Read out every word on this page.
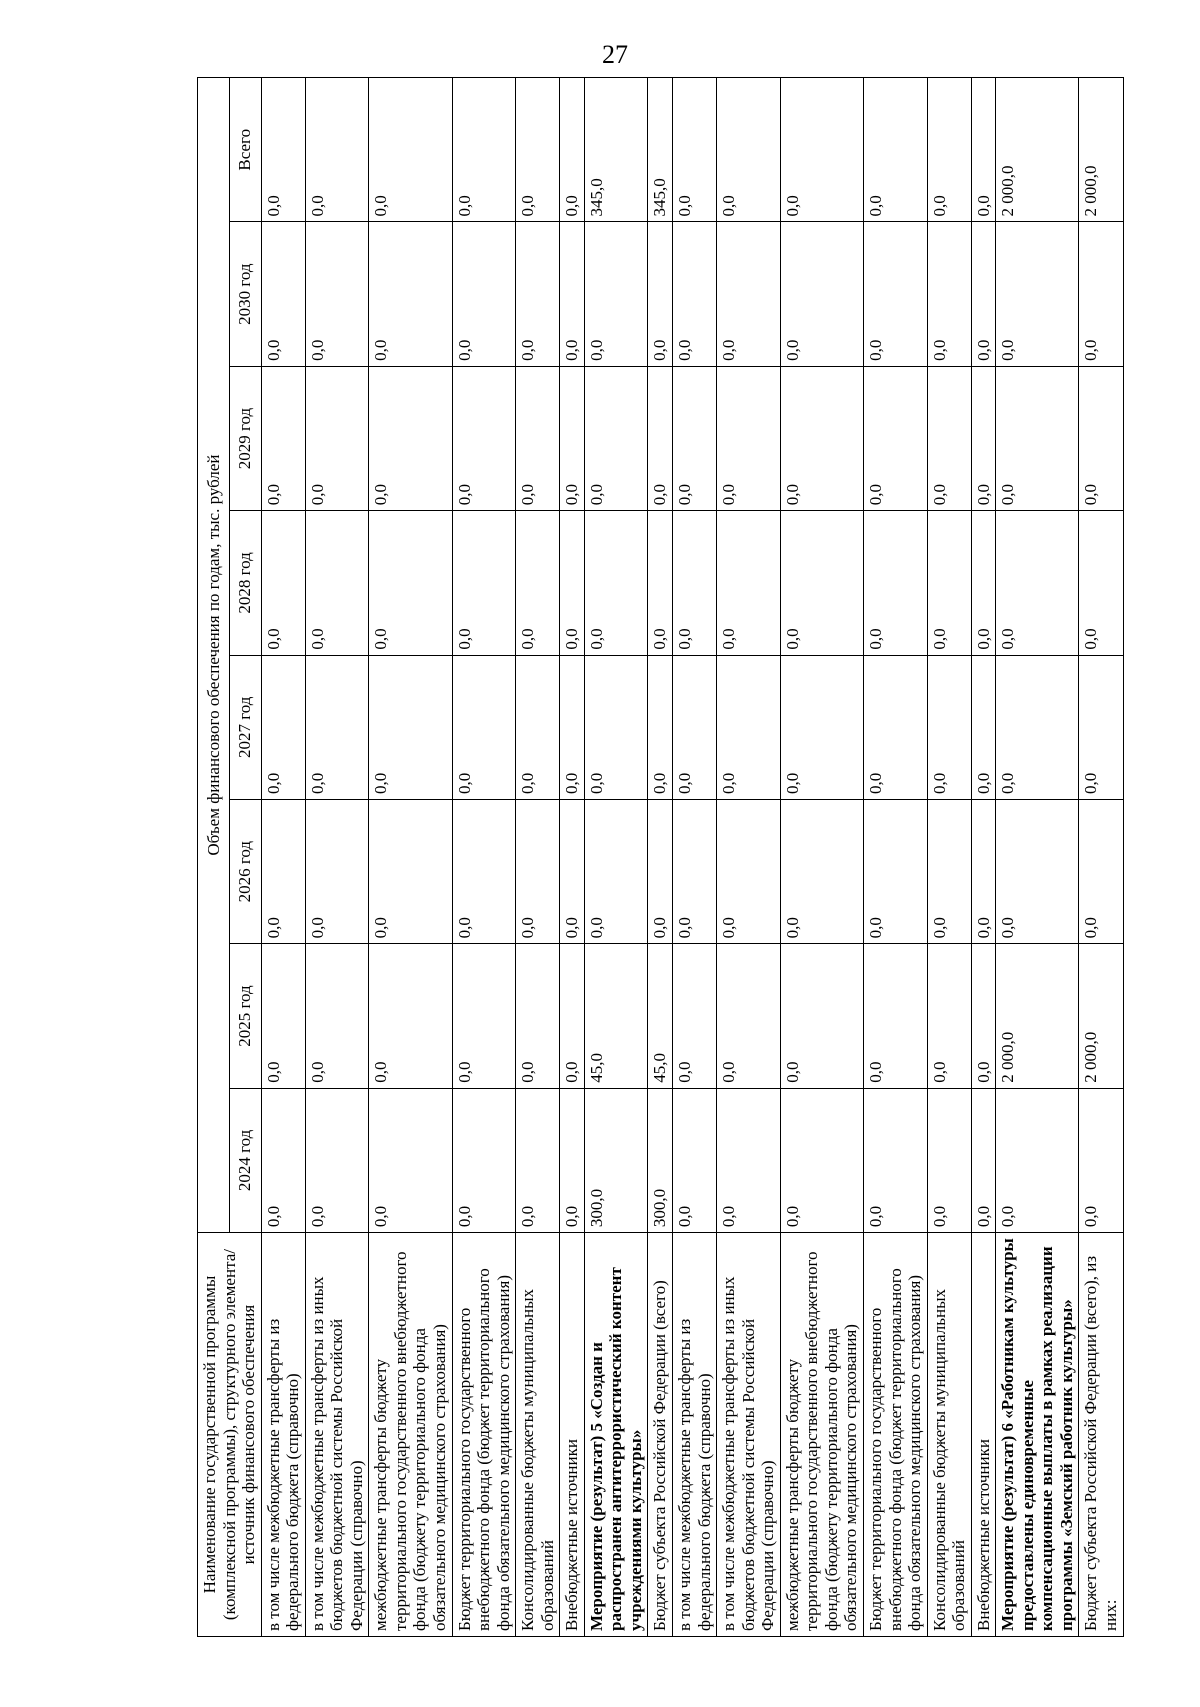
27
Наименование государственной программы (комплексной программы), структурного элемента/источник финансового обеспечения	Объем финансового обеспечения по годам, тыс. рублей							
	2024 год	2025 год	2026 год	2027 год	2028 год	2029 год	2030 год	Всего
в том числе межбюджетные трансферты из федерального бюджета (справочно)	0,0	0,0	0,0	0,0	0,0	0,0	0,0	0,0
в том числе межбюджетные трансферты из иных бюджетов бюджетной системы Российской Федерации (справочно)	0,0	0,0	0,0	0,0	0,0	0,0	0,0	0,0
межбюджетные трансферты бюджету территориального государственного внебюджетного фонда (бюджету территориального фонда обязательного медицинского страхования)	0,0	0,0	0,0	0,0	0,0	0,0	0,0	0,0
Бюджет территориального государственного внебюджетного фонда (бюджет территориального фонда обязательного медицинского страхования)	0,0	0,0	0,0	0,0	0,0	0,0	0,0	0,0
Консолидированные бюджеты муниципальных образований	0,0	0,0	0,0	0,0	0,0	0,0	0,0	0,0
Внебюджетные источники	0,0	0,0	0,0	0,0	0,0	0,0	0,0	0,0
Мероприятие (результат) 5 «Создан и распространен антитеррористический контент учреждениями культуры»	300,0	45,0	0,0	0,0	0,0	0,0	0,0	345,0
Бюджет субъекта Российской Федерации (всего)	300,0	45,0	0,0	0,0	0,0	0,0	0,0	345,0
в том числе межбюджетные трансферты из федерального бюджета (справочно)	0,0	0,0	0,0	0,0	0,0	0,0	0,0	0,0
в том числе межбюджетные трансферты из иных бюджетов бюджетной системы Российской Федерации (справочно)	0,0	0,0	0,0	0,0	0,0	0,0	0,0	0,0
межбюджетные трансферты бюджету территориального государственного внебюджетного фонда (бюджету территориального фонда обязательного медицинского страхования)	0,0	0,0	0,0	0,0	0,0	0,0	0,0	0,0
Бюджет территориального государственного внебюджетного фонда (бюджет территориального фонда обязательного медицинского страхования)	0,0	0,0	0,0	0,0	0,0	0,0	0,0	0,0
Консолидированные бюджеты муниципальных образований	0,0	0,0	0,0	0,0	0,0	0,0	0,0	0,0
Внебюджетные источники	0,0	0,0	0,0	0,0	0,0	0,0	0,0	0,0
Мероприятие (результат) 6 «Работникам культуры предоставлены единовременные компенсационные выплаты в рамках реализации программы «Земский работник культуры»	0,0	2 000,0	0,0	0,0	0,0	0,0	0,0	2 000,0
Бюджет субъекта Российской Федерации (всего), из них:	0,0	2 000,0	0,0	0,0	0,0	0,0	0,0	2 000,0
